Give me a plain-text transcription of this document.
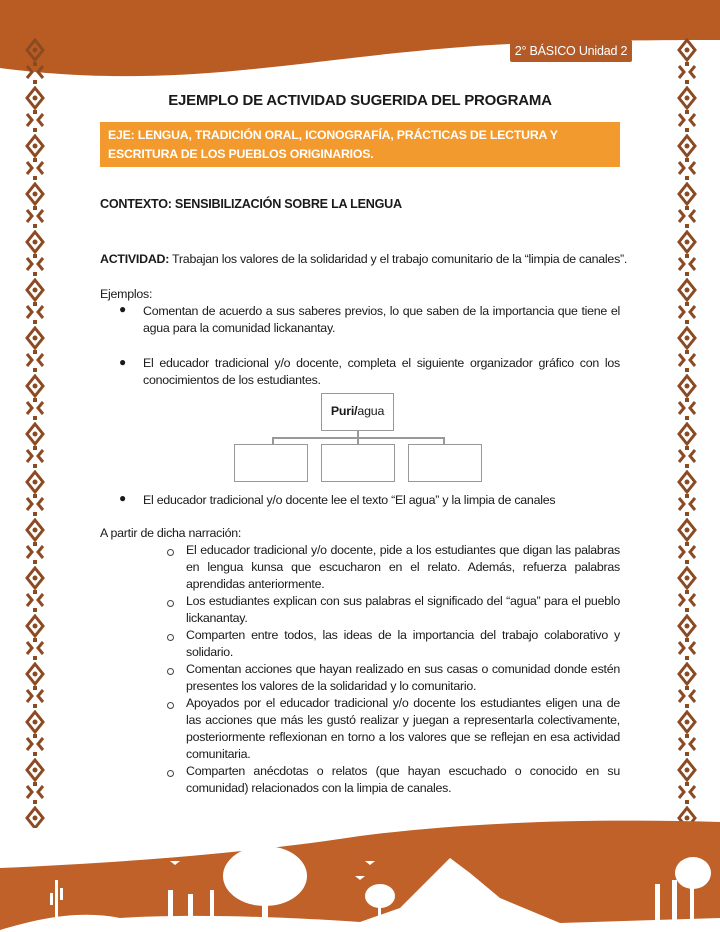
2° BÁSICO Unidad 2
EJEMPLO DE ACTIVIDAD SUGERIDA DEL PROGRAMA
EJE: LENGUA, TRADICIÓN ORAL, ICONOGRAFÍA, PRÁCTICAS DE LECTURA Y ESCRITURA DE LOS PUEBLOS ORIGINARIOS.
CONTEXTO: SENSIBILIZACIÓN SOBRE LA LENGUA
ACTIVIDAD: Trabajan los valores de la solidaridad y el trabajo comunitario de la “limpia de canales”.
Ejemplos:
● Comentan de acuerdo a sus saberes previos, lo que saben de la importancia que tiene el agua para la comunidad lickanantay.
● El educador tradicional y/o docente, completa el siguiente organizador gráfico con los conocimientos de los estudiantes.
Puri/agua
● El educador tradicional y/o docente lee el texto “El agua” y la limpia de canales
A partir de dicha narración:
El educador tradicional y/o docente, pide a los estudiantes que digan las palabras en lengua kunsa que escucharon en el relato. Además, refuerza palabras aprendidas anteriormente.
Los estudiantes explican con sus palabras el significado del “agua” para el pueblo lickanantay.
Comparten entre todos, las ideas de la importancia del trabajo colaborativo y solidario.
Comentan acciones que hayan realizado en sus casas o comunidad donde estén presentes los valores de la solidaridad y lo comunitario.
Apoyados por el educador tradicional y/o docente los estudiantes eligen una de las acciones que más les gustó realizar y juegan a representarla colectivamente, posteriormente reflexionan en torno a los valores que se reflejan en esa actividad comunitaria.
Comparten anécdotas o relatos (que hayan escuchado o conocido en su comunidad) relacionados con la limpia de canales.
